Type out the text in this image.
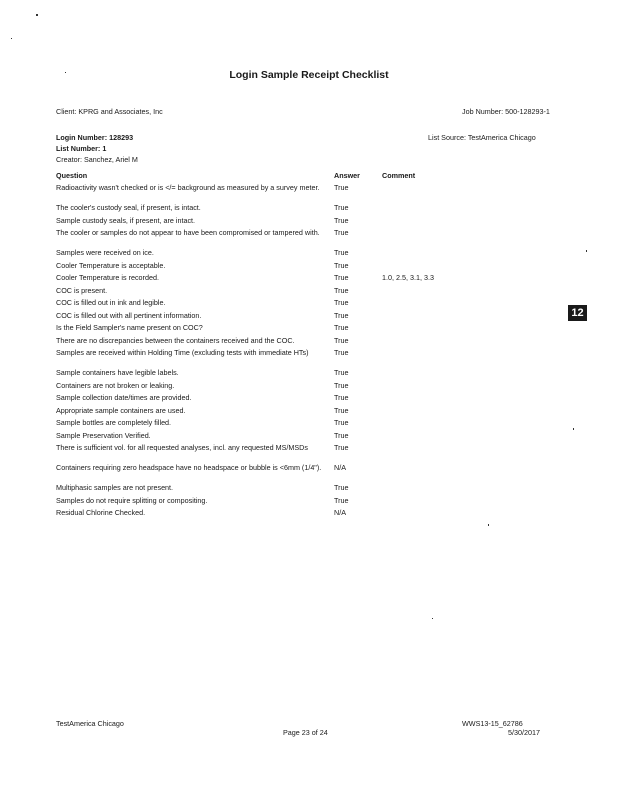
Login Sample Receipt Checklist
Client: KPRG and Associates, Inc	Job Number: 500-128293-1
Login Number: 128293	List Source: TestAmerica Chicago
List Number: 1
Creator: Sanchez, Ariel M
Question	Answer	Comment
Radioactivity wasn't checked or is </= background as measured by a survey meter. True
The cooler's custody seal, if present, is intact.	True
Sample custody seals, if present, are intact.	True
The cooler or samples do not appear to have been compromised or tampered with. True
Samples were received on ice.	True
Cooler Temperature is acceptable.	True
Cooler Temperature is recorded.	True	1.0, 2.5, 3.1, 3.3
COC is present.	True
COC is filled out in ink and legible.	True
COC is filled out with all pertinent information.	True
Is the Field Sampler's name present on COC?	True
There are no discrepancies between the containers received and the COC.	True
Samples are received within Holding Time (excluding tests with immediate HTs)	True
Sample containers have legible labels.	True
Containers are not broken or leaking.	True
Sample collection date/times are provided.	True
Appropriate sample containers are used.	True
Sample bottles are completely filled.	True
Sample Preservation Verified.	True
There is sufficient vol. for all requested analyses, incl. any requested MS/MSDs	True
Containers requiring zero headspace have no headspace or bubble is <6mm (1/4"). N/A
Multiphasic samples are not present.	True
Samples do not require splitting or compositing.	True
Residual Chlorine Checked.	N/A
12
TestAmerica Chicago
Page 23 of 24
WWS13-15_62786
5/30/2017
